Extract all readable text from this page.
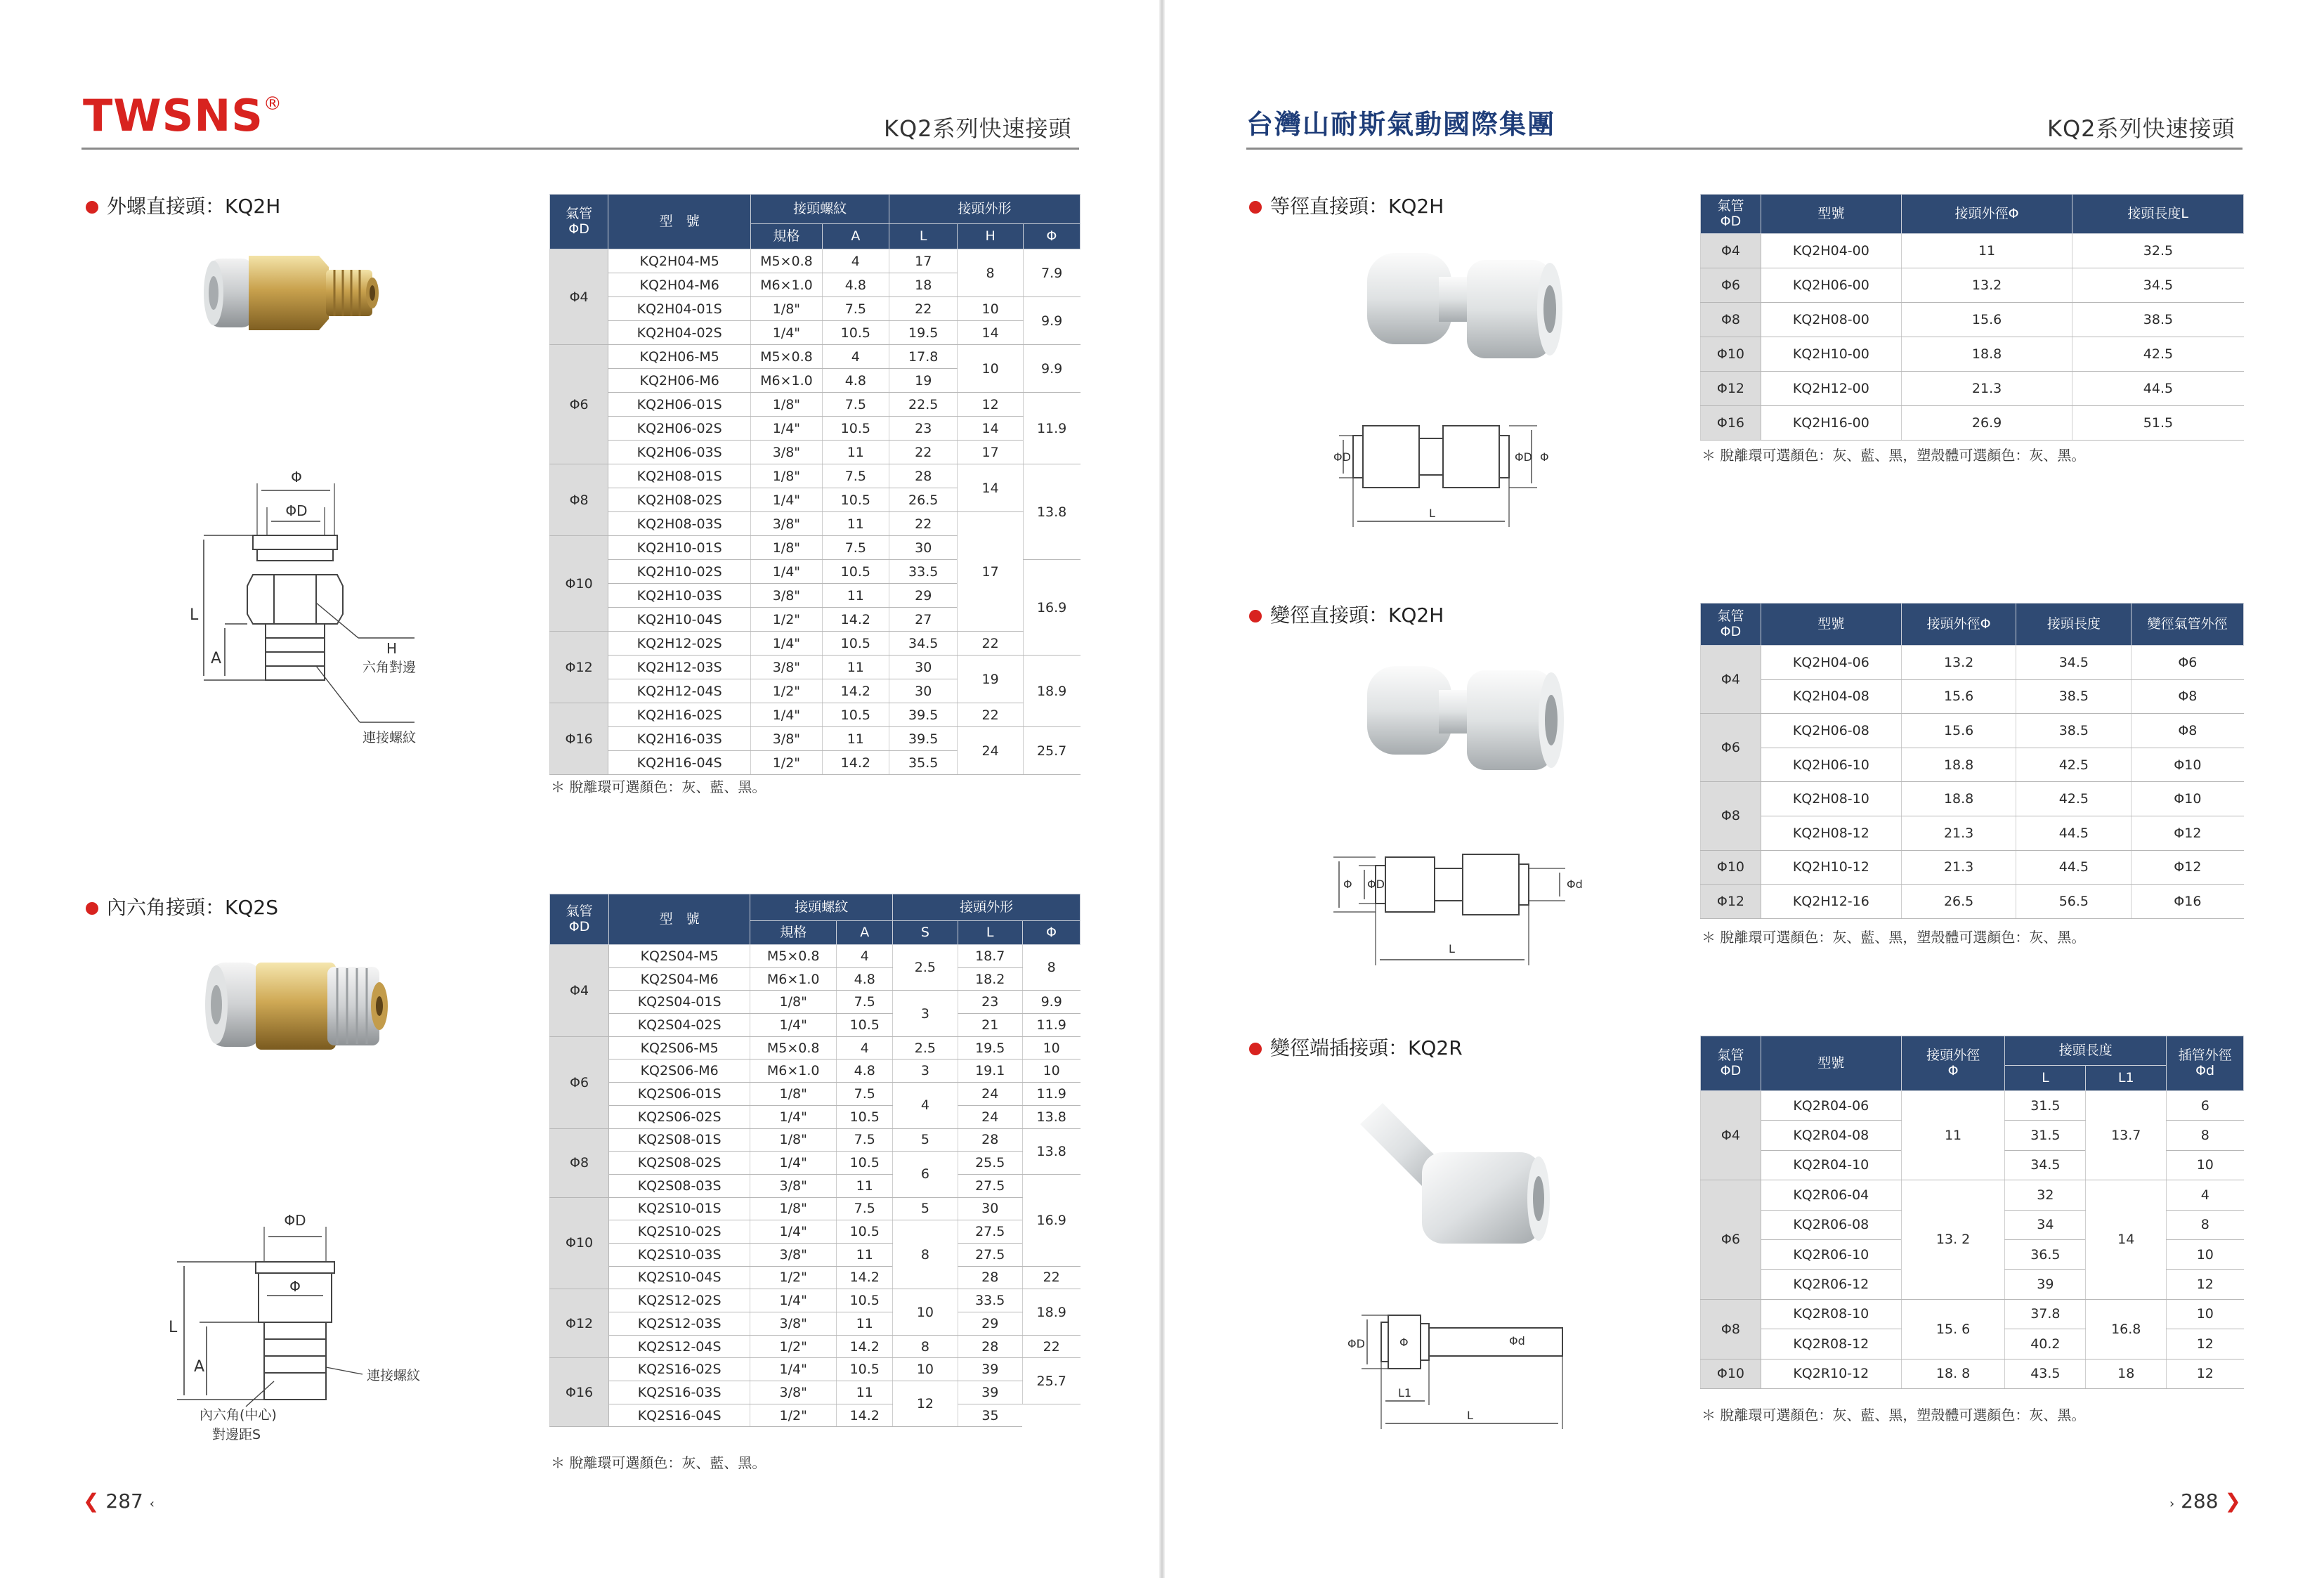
TWSNS®
KQ2系列快速接頭
外螺直接頭：KQ2H
Φ
ΦD
L
A
H
六角對邊
連接螺紋
氣管
ΦD	型　號	接頭螺紋		接頭外形		
		規格	A	L	H	Φ
Φ4	KQ2H04-M5	M5×0.8	4	17	8	7.9
	KQ2H04-M6	M6×1.0	4.8	18		
	KQ2H04-01S	1/8"	7.5	22	10	9.9
	KQ2H04-02S	1/4"	10.5	19.5	14	
Φ6	KQ2H06-M5	M5×0.8	4	17.8	10	9.9
	KQ2H06-M6	M6×1.0	4.8	19		
	KQ2H06-01S	1/8"	7.5	22.5	12	11.9
	KQ2H06-02S	1/4"	10.5	23	14	
	KQ2H06-03S	3/8"	11	22	17	
Φ8	KQ2H08-01S	1/8"	7.5	28	14	13.8
	KQ2H08-02S	1/4"	10.5	26.5		
	KQ2H08-03S	3/8"	11	22	17	
Φ10	KQ2H10-01S	1/8"	7.5	30		
	KQ2H10-02S	1/4"	10.5	33.5		16.9
	KQ2H10-03S	3/8"	11	29		
	KQ2H10-04S	1/2"	14.2	27		
Φ12	KQ2H12-02S	1/4"	10.5	34.5	22	
	KQ2H12-03S	3/8"	11	30	19	18.9
	KQ2H12-04S	1/2"	14.2	30		
Φ16	KQ2H16-02S	1/4"	10.5	39.5	22	
	KQ2H16-03S	3/8"	11	39.5	24	25.7
	KQ2H16-04S	1/2"	14.2	35.5		
＊ 脫離環可選顏色：灰、藍、黑。
內六角接頭：KQ2S
ΦD
Φ
L
A	連接螺紋
內六角(中心)
對邊距S
氣管
ΦD	型　號	接頭螺紋		接頭外形		
		規格	A	S	L	Φ
Φ4	KQ2S04-M5	M5×0.8	4	2.5	18.7	8
	KQ2S04-M6	M6×1.0	4.8		18.2	
	KQ2S04-01S	1/8"	7.5	3	23	9.9
	KQ2S04-02S	1/4"	10.5		21	11.9
Φ6	KQ2S06-M5	M5×0.8	4	2.5	19.5	10
	KQ2S06-M6	M6×1.0	4.8	3	19.1	10
	KQ2S06-01S	1/8"	7.5	4	24	11.9
	KQ2S06-02S	1/4"	10.5		24	13.8
Φ8	KQ2S08-01S	1/8"	7.5	5	28	13.8
	KQ2S08-02S	1/4"	10.5	6	25.5	
	KQ2S08-03S	3/8"	11		27.5	16.9
Φ10	KQ2S10-01S	1/8"	7.5	5	30	
	KQ2S10-02S	1/4"	10.5	8	27.5	
	KQ2S10-03S	3/8"	11		27.5	
	KQ2S10-04S	1/2"	14.2		28	22
Φ12	KQ2S12-02S	1/4"	10.5	10	33.5	18.9
	KQ2S12-03S	3/8"	11		29	
	KQ2S12-04S	1/2"	14.2	8	28	22
Φ16	KQ2S16-02S	1/4"	10.5	10	39	25.7
	KQ2S16-03S	3/8"	11	12	39	
	KQ2S16-04S	1/2"	14.2		35	
＊ 脫離環可選顏色：灰、藍、黑。
❮ 287 ‹
台灣山耐斯氣動國際集團	KQ2系列快速接頭
等徑直接頭：KQ2H
ΦD	ΦD Φ
L
氣管
ΦD	型號	接頭外徑Φ	接頭長度L
Φ4	KQ2H04-00	11	32.5
Φ6	KQ2H06-00	13.2	34.5
Φ8	KQ2H08-00	15.6	38.5
Φ10	KQ2H10-00	18.8	42.5
Φ12	KQ2H12-00	21.3	44.5
Φ16	KQ2H16-00	26.9	51.5
＊ 脫離環可選顏色：灰、藍、黑，塑殼體可選顏色：灰、黑。
變徑直接頭：KQ2H
Φ ΦD	Φd
L
氣管
ΦD	型號	接頭外徑Φ	接頭長度	變徑氣管外徑
Φ4	KQ2H04-06	13.2	34.5	Φ6
	KQ2H04-08	15.6	38.5	Φ8
Φ6	KQ2H06-08	15.6	38.5	Φ8
	KQ2H06-10	18.8	42.5	Φ10
Φ8	KQ2H08-10	18.8	42.5	Φ10
	KQ2H08-12	21.3	44.5	Φ12
Φ10	KQ2H10-12	21.3	44.5	Φ12
Φ12	KQ2H12-16	26.5	56.5	Φ16
＊ 脫離環可選顏色：灰、藍、黑，塑殼體可選顏色：灰、黑。
變徑端插接頭：KQ2R
ΦD	Φ	Φd
L1
L
氣管
ΦD	型號	接頭外徑
Φ	接頭長度		插管外徑
Φd
			L	L1	
Φ4	KQ2R04-06	11	31.5	13.7	6
	KQ2R04-08		31.5		8
	KQ2R04-10		34.5		10
Φ6	KQ2R06-04	13. 2	32	14	4
	KQ2R06-08		34		8
	KQ2R06-10		36.5		10
	KQ2R06-12		39		12
Φ8	KQ2R08-10	15. 6	37.8	16.8	10
	KQ2R08-12		40.2		12
Φ10	KQ2R10-12	18. 8	43.5	18	12
＊ 脫離環可選顏色：灰、藍、黑，塑殼體可選顏色：灰、黑。
› 288 ❯
